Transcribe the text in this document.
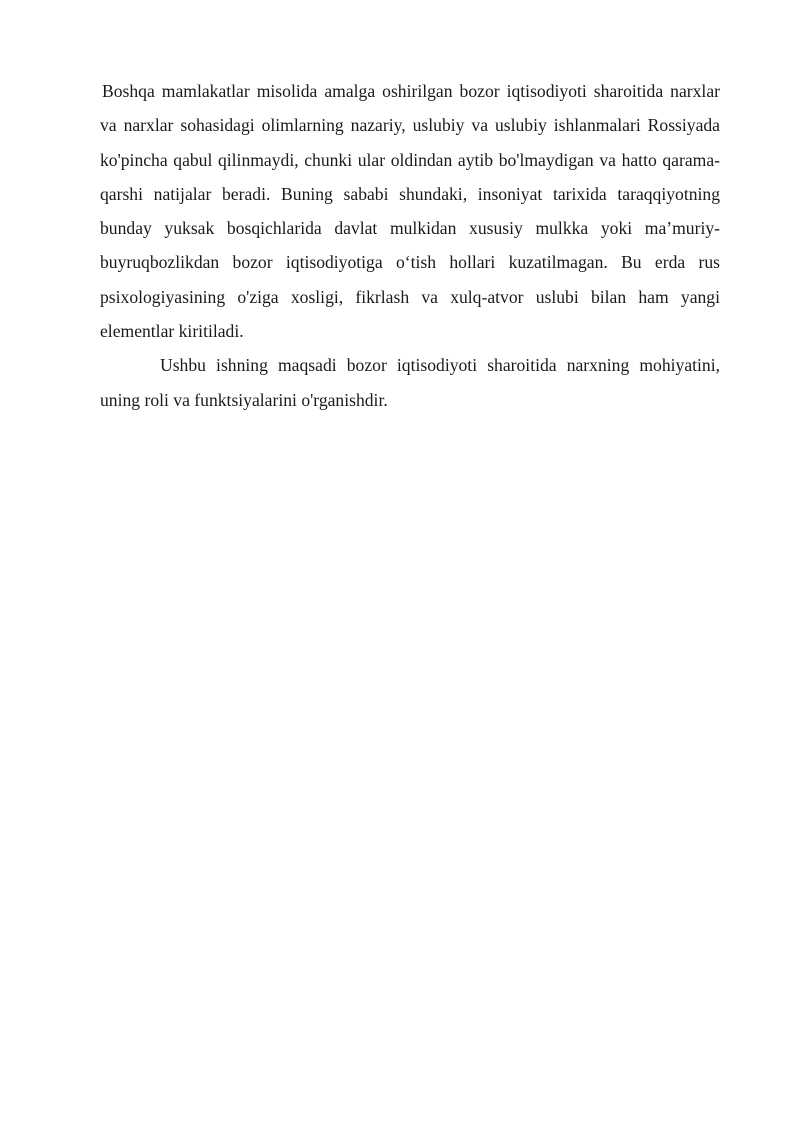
Boshqa mamlakatlar misolida amalga oshirilgan bozor iqtisodiyoti sharoitida narxlar va narxlar sohasidagi olimlarning nazariy, uslubiy va uslubiy ishlanmalari Rossiyada ko'pincha qabul qilinmaydi, chunki ular oldindan aytib bo'lmaydigan va hatto qarama-qarshi natijalar beradi. Buning sababi shundaki, insoniyat tarixida taraqqiyotning bunday yuksak bosqichlarida davlat mulkidan xususiy mulkka yoki ma’muriy-buyruqbozlikdan bozor iqtisodiyotiga o‘tish hollari kuzatilmagan. Bu erda rus psixologiyasining o'ziga xosligi, fikrlash va xulq-atvor uslubi bilan ham yangi elementlar kiritiladi.

Ushbu ishning maqsadi bozor iqtisodiyoti sharoitida narxning mohiyatini, uning roli va funktsiyalarini o'rganishdir.
